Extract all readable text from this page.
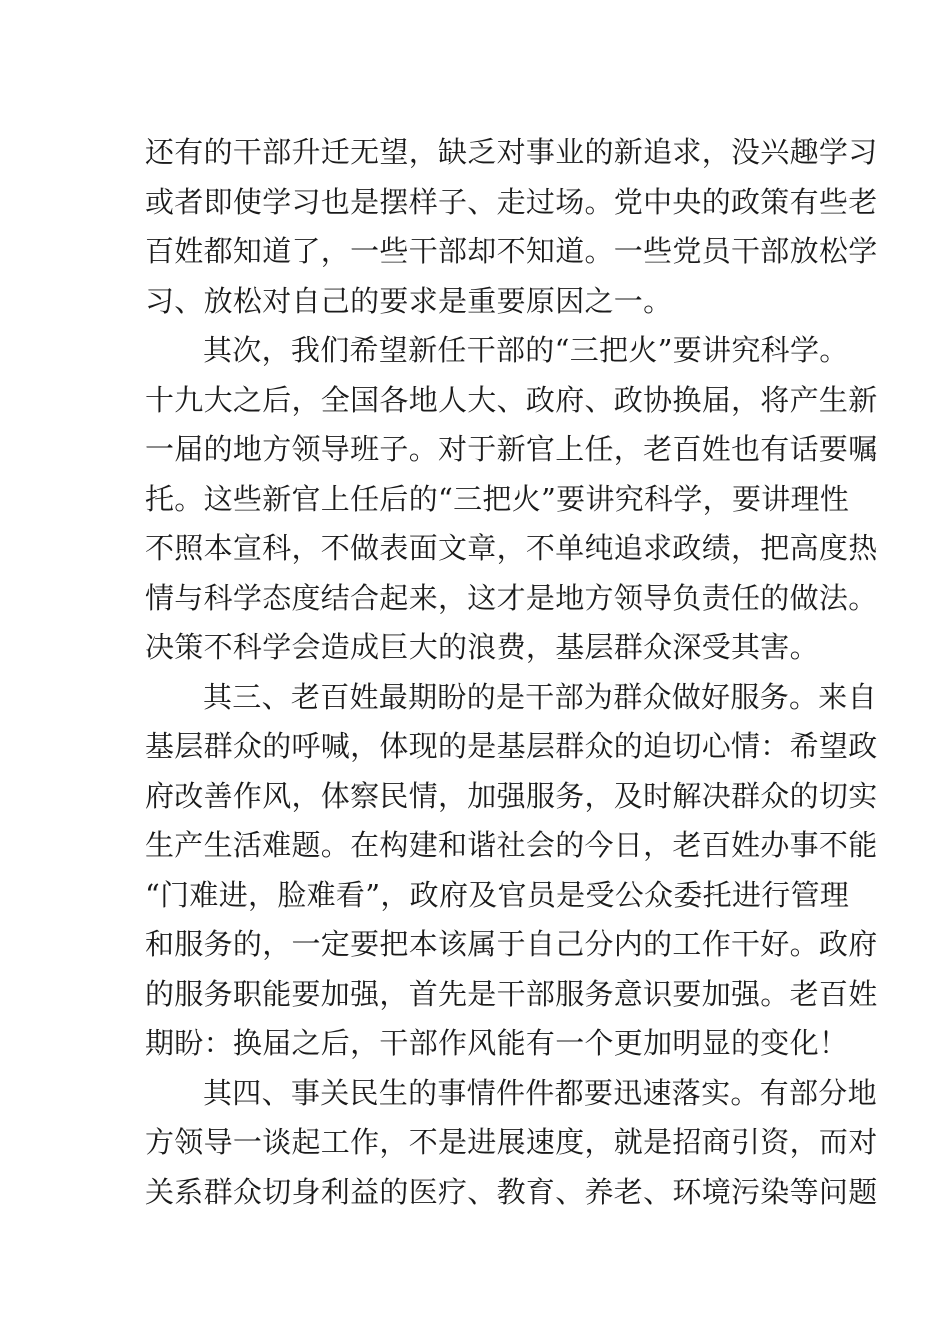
还有的干部升迁无望，缺乏对事业的新追求，没兴趣学习
或者即使学习也是摆样子、走过场。党中央的政策有些老
百姓都知道了，一些干部却不知道。一些党员干部放松学
习、放松对自己的要求是重要原因之一。
其次，我们希望新任干部的“三把火”要讲究科学。
十九大之后，全国各地人大、政府、政协换届，将产生新
一届的地方领导班子。对于新官上任，老百姓也有话要嘱
托。这些新官上任后的“三把火”要讲究科学，要讲理性
不照本宣科，不做表面文章，不单纯追求政绩，把高度热
情与科学态度结合起来，这才是地方领导负责任的做法。
决策不科学会造成巨大的浪费，基层群众深受其害。
其三、老百姓最期盼的是干部为群众做好服务。来自
基层群众的呼喊，体现的是基层群众的迫切心情：希望政
府改善作风，体察民情，加强服务，及时解决群众的切实
生产生活难题。在构建和谐社会的今日，老百姓办事不能
“门难进，脸难看”，政府及官员是受公众委托进行管理
和服务的，一定要把本该属于自己分内的工作干好。政府
的服务职能要加强，首先是干部服务意识要加强。老百姓
期盼：换届之后，干部作风能有一个更加明显的变化！
其四、事关民生的事情件件都要迅速落实。有部分地
方领导一谈起工作，不是进展速度，就是招商引资，而对
关系群众切身利益的医疗、教育、养老、环境污染等问题
